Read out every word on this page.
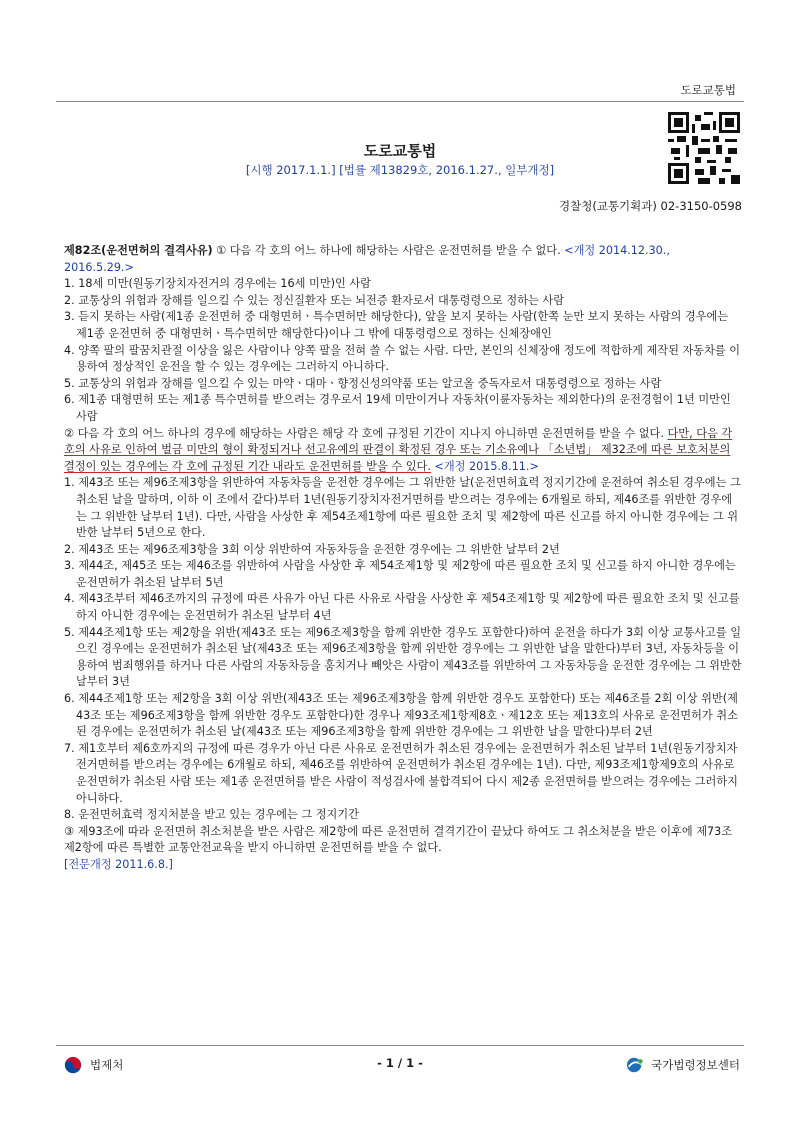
도로교통법
도로교통법
[시행 2017.1.1.] [법률 제13829호, 2016.1.27., 일부개정]
경찰청(교통기획과) 02-3150-0598

제82조(운전면허의 결격사유) ① 다음 각 호의 어느 하나에 해당하는 사람은 운전면허를 받을 수 없다. <개정 2014.12.30., 2016.5.29.>

1. 18세 미만(원동기장치자전거의 경우에는 16세 미만)인 사람

2. 교통상의 위험과 장해를 일으킬 수 있는 정신질환자 또는 뇌전증 환자로서 대통령령으로 정하는 사람

3. 듣지 못하는 사람(제1종 운전면허 중 대형면허ㆍ특수면허만 해당한다), 앞을 보지 못하는 사람(한쪽 눈만 보지 못하는 사람의 경우에는 제1종 운전면허 중 대형면허ㆍ특수면허만 해당한다)이나 그 밖에 대통령령으로 정하는 신체장애인

4. 양쪽 팔의 팔꿈치관절 이상을 잃은 사람이나 양쪽 팔을 전혀 쓸 수 없는 사람. 다만, 본인의 신체장애 정도에 적합하게 제작된 자동차를 이용하여 정상적인 운전을 할 수 있는 경우에는 그러하지 아니하다.

5. 교통상의 위험과 장해를 일으킬 수 있는 마약ㆍ대마ㆍ향정신성의약품 또는 알코올 중독자로서 대통령령으로 정하는 사람

6. 제1종 대형면허 또는 제1종 특수면허를 받으려는 경우로서 19세 미만이거나 자동차(이륜자동차는 제외한다)의 운전경험이 1년 미만인 사람

② 다음 각 호의 어느 하나의 경우에 해당하는 사람은 해당 각 호에 규정된 기간이 지나지 아니하면 운전면허를 받을 수 없다. 다만, 다음 각 호의 사유로 인하여 벌금 미만의 형이 확정되거나 선고유예의 판결이 확정된 경우 또는 기소유예나 「소년법」 제32조에 따른 보호처분의 결정이 있는 경우에는 각 호에 규정된 기간 내라도 운전면허를 받을 수 있다. <개정 2015.8.11.>

1. 제43조 또는 제96조제3항을 위반하여 자동차등을 운전한 경우에는 그 위반한 날(운전면허효력 정지기간에 운전하여 취소된 경우에는 그 취소된 날을 말하며, 이하 이 조에서 같다)부터 1년(원동기장치자전거면허를 받으려는 경우에는 6개월로 하되, 제46조를 위반한 경우에는 그 위반한 날부터 1년). 다만, 사람을 사상한 후 제54조제1항에 따른 필요한 조치 및 제2항에 따른 신고를 하지 아니한 경우에는 그 위반한 날부터 5년으로 한다.

2. 제43조 또는 제96조제3항을 3회 이상 위반하여 자동차등을 운전한 경우에는 그 위반한 날부터 2년

3. 제44조, 제45조 또는 제46조를 위반하여 사람을 사상한 후 제54조제1항 및 제2항에 따른 필요한 조치 및 신고를 하지 아니한 경우에는 운전면허가 취소된 날부터 5년

4. 제43조부터 제46조까지의 규정에 따른 사유가 아닌 다른 사유로 사람을 사상한 후 제54조제1항 및 제2항에 따른 필요한 조치 및 신고를 하지 아니한 경우에는 운전면허가 취소된 날부터 4년

5. 제44조제1항 또는 제2항을 위반(제43조 또는 제96조제3항을 함께 위반한 경우도 포함한다)하여 운전을 하다가 3회 이상 교통사고를 일으킨 경우에는 운전면허가 취소된 날(제43조 또는 제96조제3항을 함께 위반한 경우에는 그 위반한 날을 말한다)부터 3년, 자동차등을 이용하여 범죄행위를 하거나 다른 사람의 자동차등을 훔치거나 빼앗은 사람이 제43조를 위반하여 그 자동차등을 운전한 경우에는 그 위반한 날부터 3년

6. 제44조제1항 또는 제2항을 3회 이상 위반(제43조 또는 제96조제3항을 함께 위반한 경우도 포함한다) 또는 제46조를 2회 이상 위반(제43조 또는 제96조제3항을 함께 위반한 경우도 포함한다)한 경우나 제93조제1항제8호ㆍ제12호 또는 제13호의 사유로 운전면허가 취소된 경우에는 운전면허가 취소된 날(제43조 또는 제96조제3항을 함께 위반한 경우에는 그 위반한 날을 말한다)부터 2년

7. 제1호부터 제6호까지의 규정에 따른 경우가 아닌 다른 사유로 운전면허가 취소된 경우에는 운전면허가 취소된 날부터 1년(원동기장치자전거면허를 받으려는 경우에는 6개월로 하되, 제46조를 위반하여 운전면허가 취소된 경우에는 1년). 다만, 제93조제1항제9호의 사유로 운전면허가 취소된 사람 또는 제1종 운전면허를 받은 사람이 적성검사에 불합격되어 다시 제2종 운전면허를 받으려는 경우에는 그러하지 아니하다.

8. 운전면허효력 정지처분을 받고 있는 경우에는 그 정지기간

③ 제93조에 따라 운전면허 취소처분을 받은 사람은 제2항에 따른 운전면허 결격기간이 끝났다 하여도 그 취소처분을 받은 이후에 제73조제2항에 따른 특별한 교통안전교육을 받지 아니하면 운전면허를 받을 수 없다.

[전문개정 2011.6.8.]

법제처	- 1 / 1 -	국가법령정보센터
